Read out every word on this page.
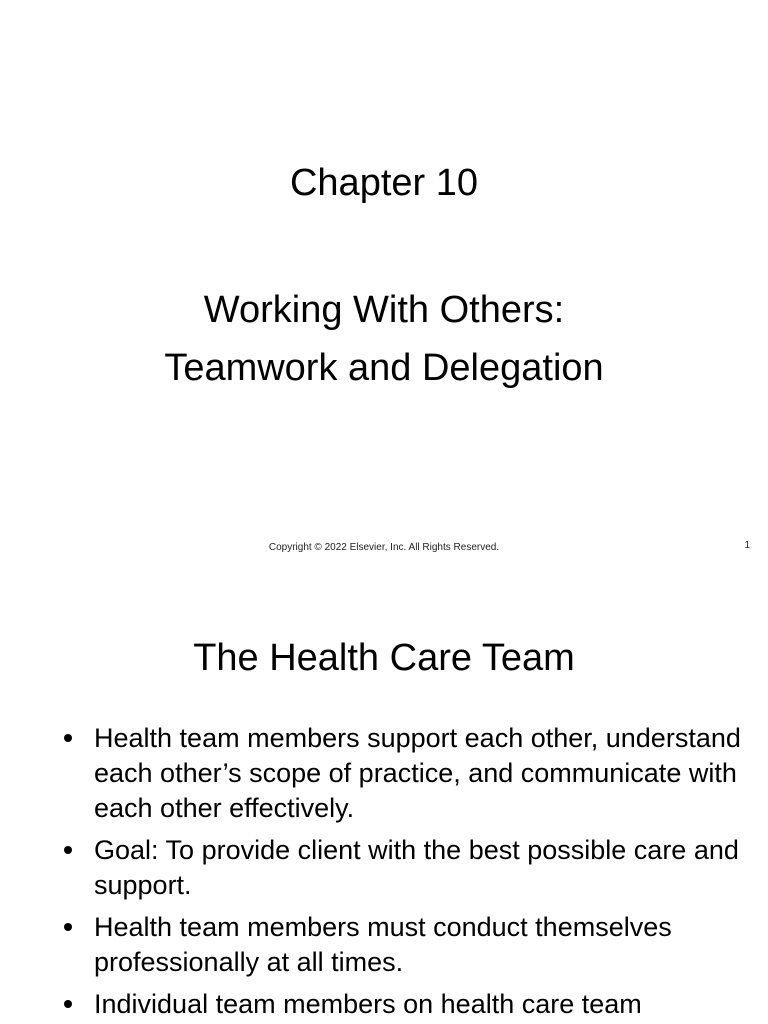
Chapter 10
Working With Others:
Teamwork and Delegation
Copyright © 2022 Elsevier, Inc. All Rights Reserved.	1
The Health Care Team
Health team members support each other, understand each other’s scope of practice, and communicate with each other effectively.
Goal: To provide client with the best possible care and support.
Health team members must conduct themselves professionally at all times.
Individual team members on health care team
